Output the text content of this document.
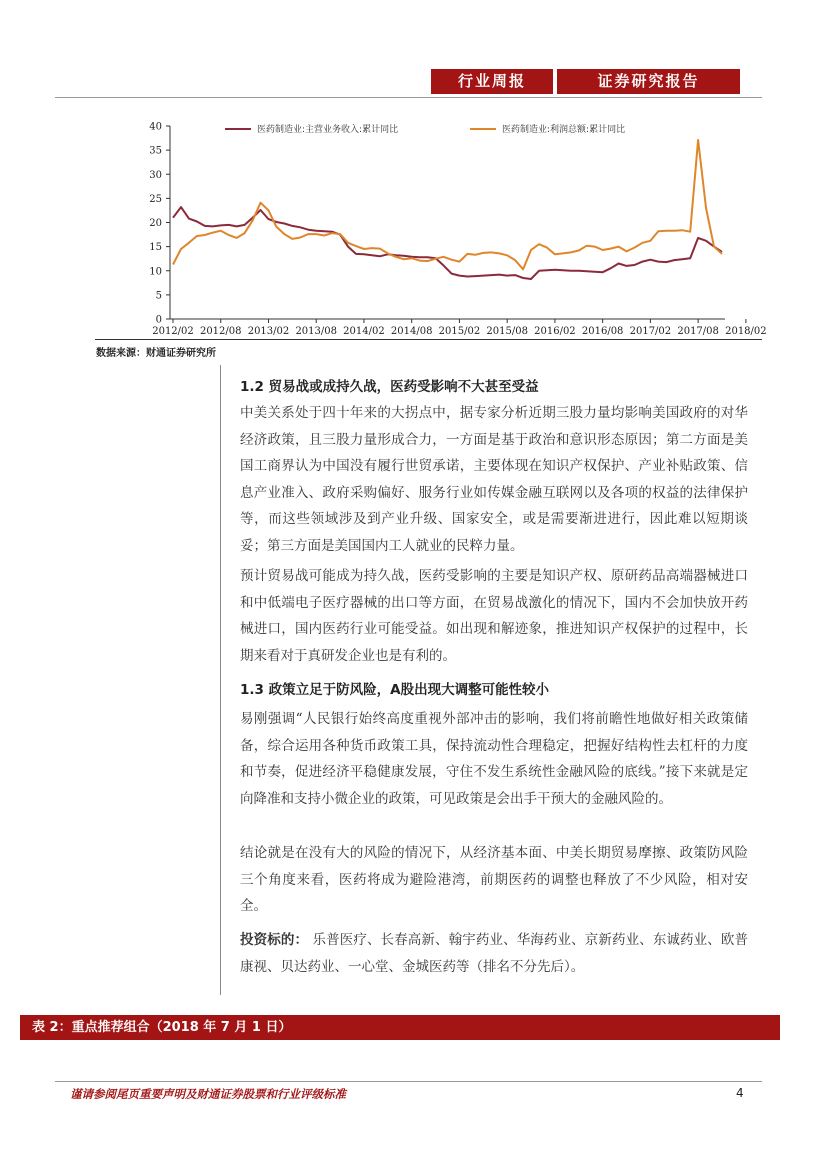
行业周报	证券研究报告
0
5
10
15
20
25
30
35
40
2012/02 2012/08 2013/02 2013/08 2014/02 2014/08 2015/02 2015/08 2016/02 2016/08 2017/02 2017/08 2018/02
医药制造业:主营业务收入:累计同比	医药制造业:利润总额:累计同比
数据来源：财通证券研究所
1.2 贸易战或成持久战，医药受影响不大甚至受益

中美关系处于四十年来的大拐点中，据专家分析近期三股力量均影响美国政府的对华经济政策，且三股力量形成合力，一方面是基于政治和意识形态原因；第二方面是美国工商界认为中国没有履行世贸承诺，主要体现在知识产权保护、产业补贴政策、信息产业准入、政府采购偏好、服务行业如传媒金融互联网以及各项的权益的法律保护等，而这些领域涉及到产业升级、国家安全，或是需要渐进进行，因此难以短期谈妥；第三方面是美国国内工人就业的民粹力量。

预计贸易战可能成为持久战，医药受影响的主要是知识产权、原研药品高端器械进口和中低端电子医疗器械的出口等方面，在贸易战激化的情况下，国内不会加快放开药械进口，国内医药行业可能受益。如出现和解迹象，推进知识产权保护的过程中，长期来看对于真研发企业也是有利的。

1.3 政策立足于防风险，A股出现大调整可能性较小

易刚强调“人民银行始终高度重视外部冲击的影响，我们将前瞻性地做好相关政策储备，综合运用各种货币政策工具，保持流动性合理稳定，把握好结构性去杠杆的力度和节奏，促进经济平稳健康发展，守住不发生系统性金融风险的底线。”接下来就是定向降准和支持小微企业的政策，可见政策是会出手干预大的金融风险的。

结论就是在没有大的风险的情况下，从经济基本面、中美长期贸易摩擦、政策防风险三个角度来看，医药将成为避险港湾，前期医药的调整也释放了不少风险，相对安全。

投资标的： 乐普医疗、长春高新、翰宇药业、华海药业、京新药业、东诚药业、欧普康视、贝达药业、一心堂、金城医药等（排名不分先后）。

表 2：重点推荐组合（2018 年 7 月 1 日）
谨请参阅尾页重要声明及财通证券股票和行业评级标准	4
